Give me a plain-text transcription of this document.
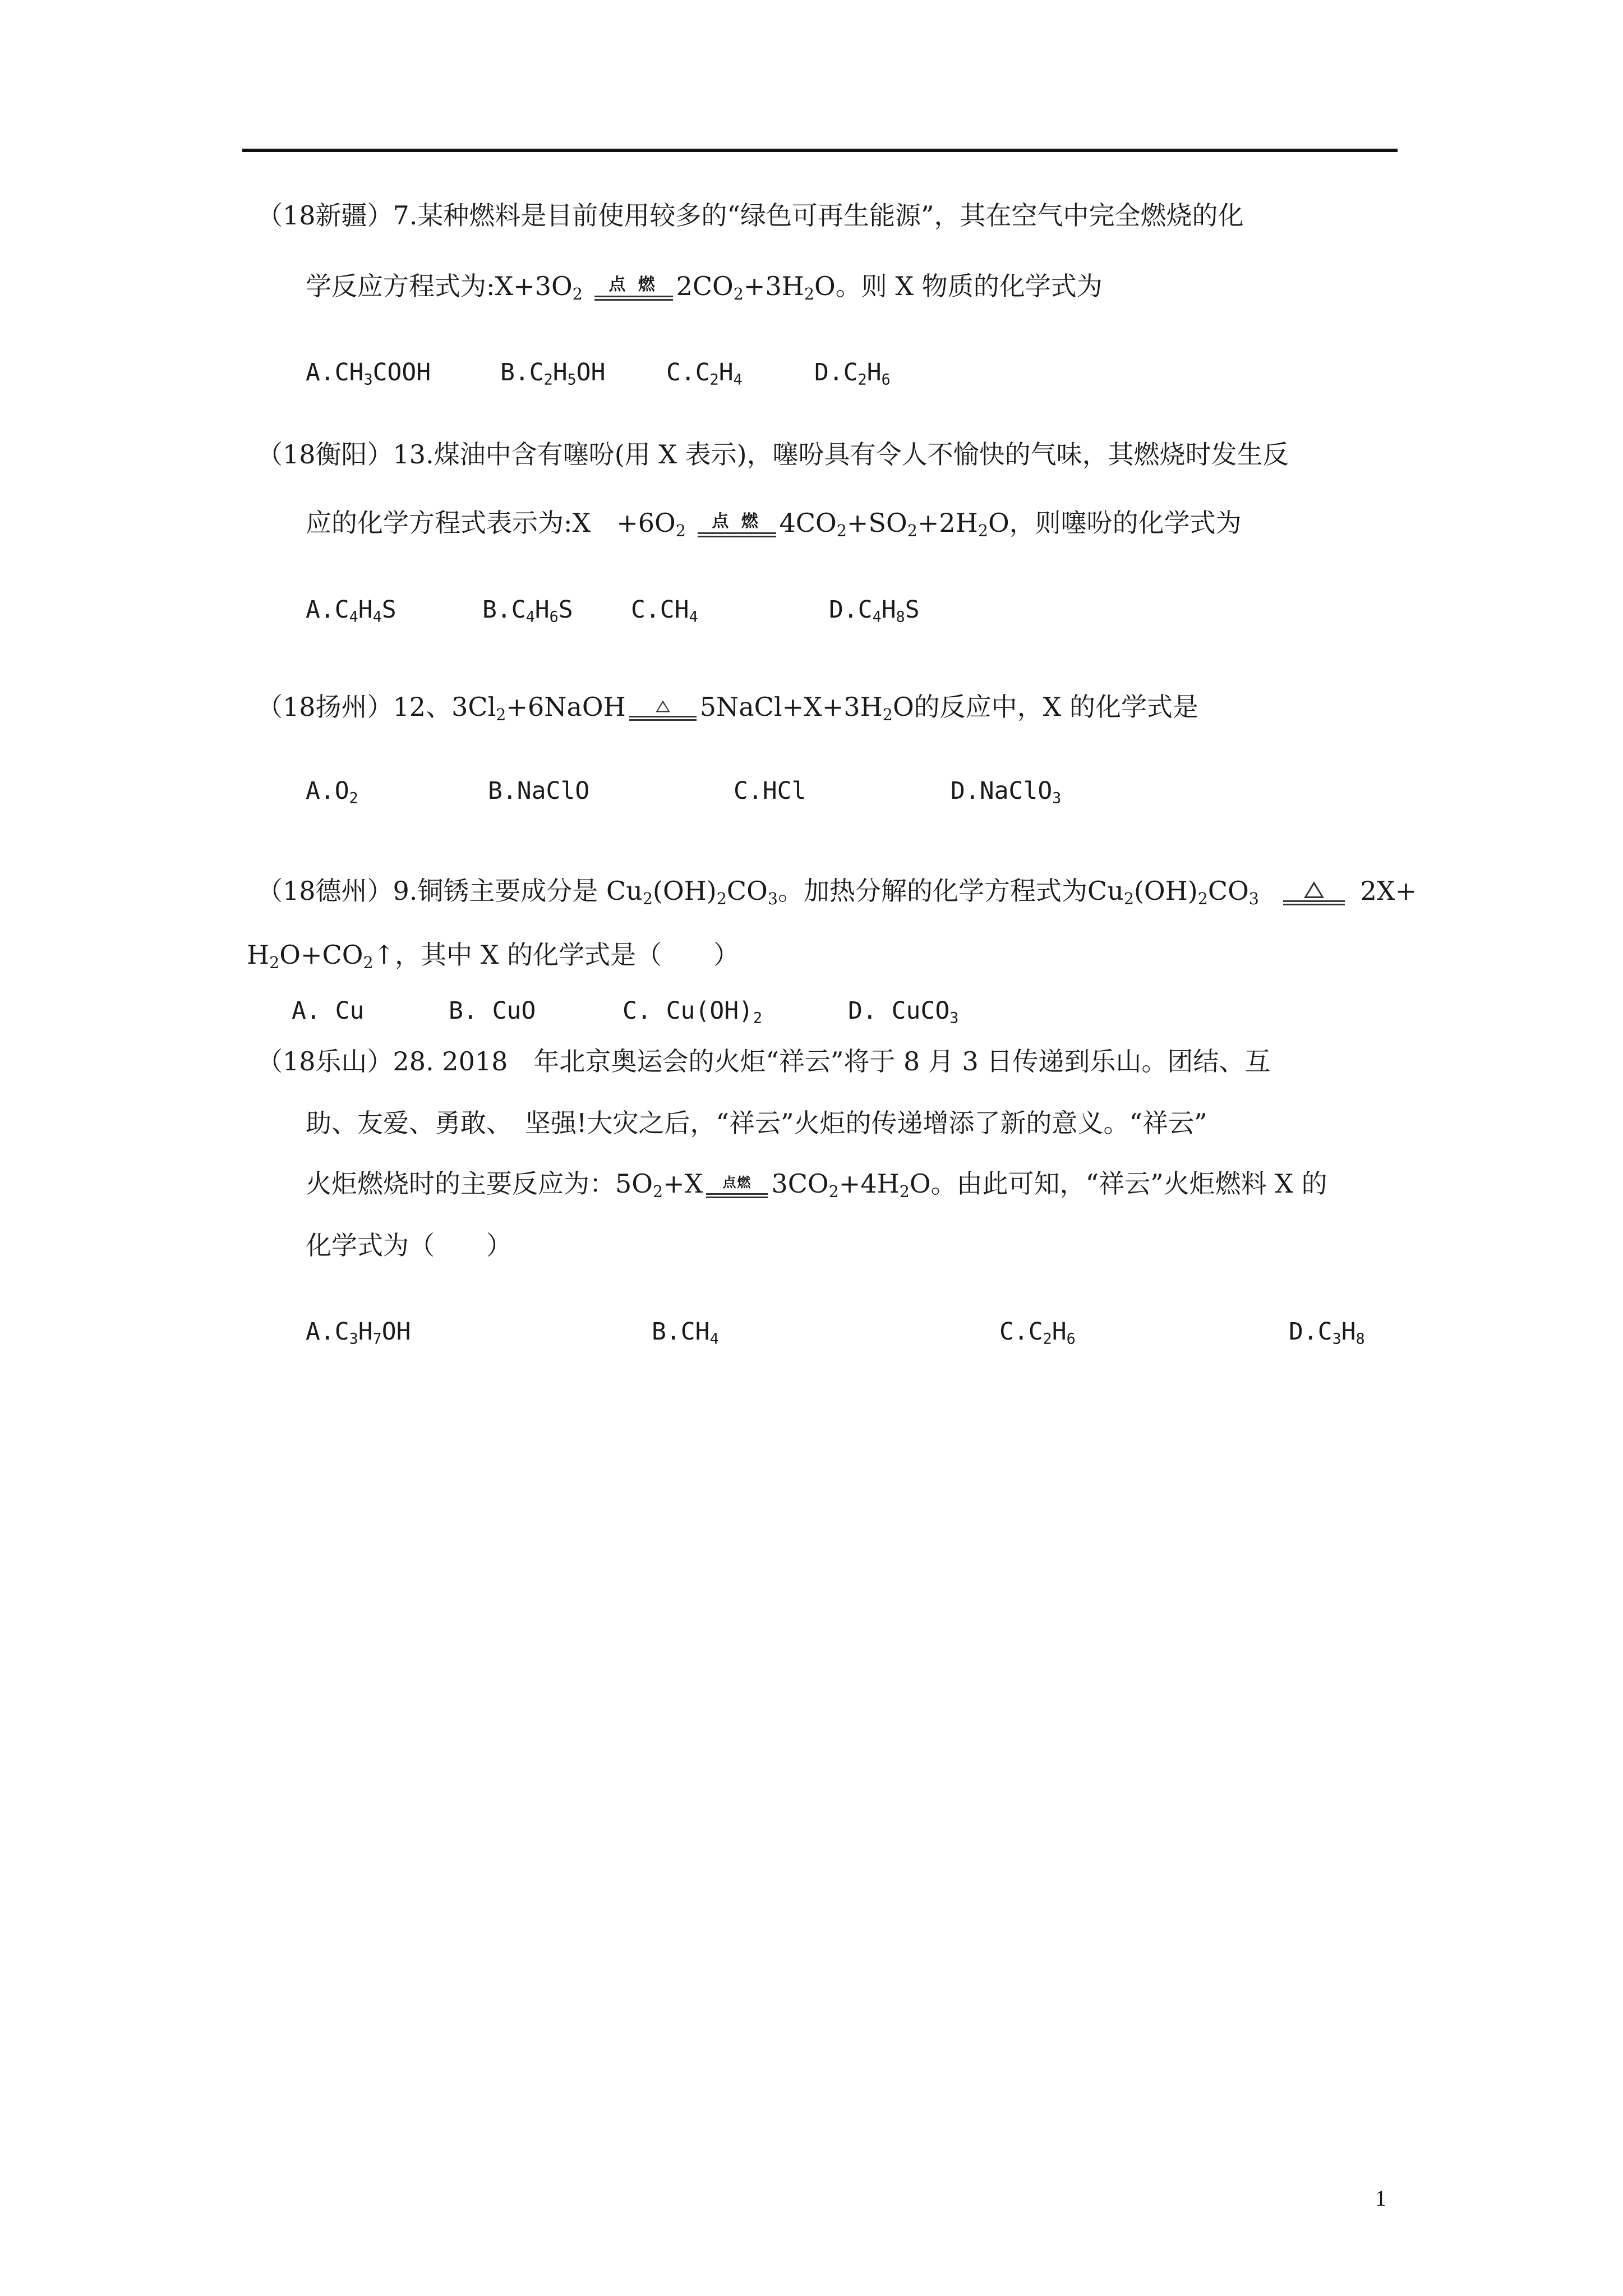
（18新疆）7.某种燃料是目前使用较多的“绿色可再生能源”，其在空气中完全燃烧的化
学反应方程式为$:X+3O_2$	点 燃 $2CO_2+3H_2O$。则 X 物质的化学式为
$A.CH_3COOH$	$B.C_2H_5OH$	$C.C_2H_4$	$D.C_2H_6$
（18衡阳）13.煤油中含有噻吩(用 X 表示)，噻吩具有令人不愉快的气味，其燃烧时发生反
应的化学方程式表示为:X　$+6O_2$	点 燃 $4CO_2+SO_2+2H_2O$，则噻吩的化学式为
$A.C_4H_4S$	$B.C_4H_6S$ $C.CH_4$	$D.C_4H_8S$
（18扬州）12、$3Cl_2+6NaOH$	$5NaCl+X+3H_2O$的反应中，X 的化学式是
$A.O_2$	B.NaClO	C.HCl	D.NaClO$_3$
（18德州）9.铜锈主要成分是 $Cu_2(OH)_2CO_3$。加热分解的化学方程式为$Cu_2(OH)_2CO_3$	2X+
$H_2O+CO_2↑$，其中 X 的化学式是（　　）
A. Cu	B. CuO	C. $Cu(OH)_2$	D. CuCO$_3$
（18乐山）28. 2018　年北京奥运会的火炬“祥云”将于 8 月 3 日传递到乐山。团结、互
助、友爱、勇敢、　坚强!大灾之后，“祥云”火炬的传递增添了新的意义。“祥云”
火炬燃烧时的主要反应为：$5O_2+X$	点燃 $3CO_2+4H_2O$。由此可知，“祥云”火炬燃料 X 的
化学式为（　　）
$A.C_3H_7OH$	$B.CH_4$	$C.C_2H_6$	$D.C_3H_8$
1
